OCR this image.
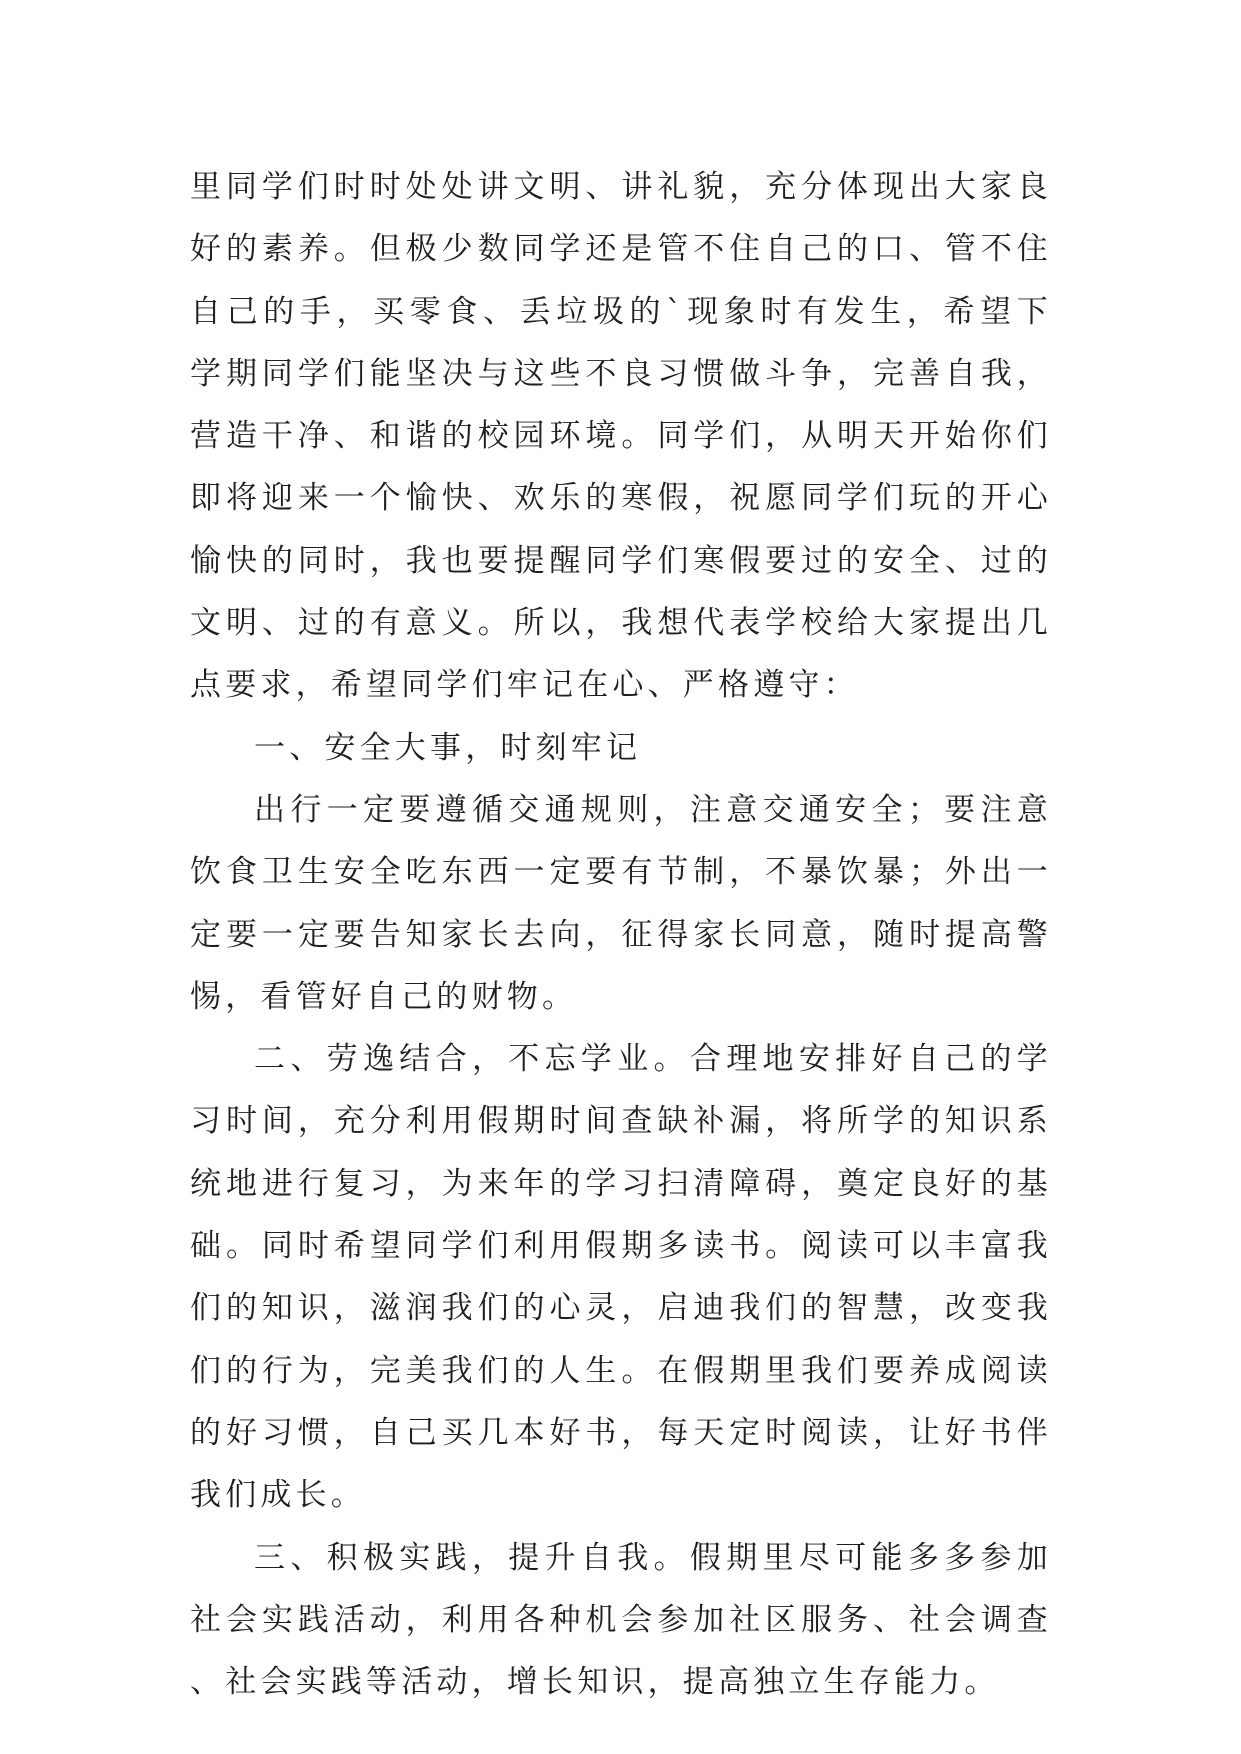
里同学们时时处处讲文明、讲礼貌，充分体现出大家良好的素养。但极少数同学还是管不住自己的口、管不住自己的手，买零食、丢垃圾的`现象时有发生，希望下学期同学们能坚决与这些不良习惯做斗争，完善自我，营造干净、和谐的校园环境。同学们，从明天开始你们即将迎来一个愉快、欢乐的寒假，祝愿同学们玩的开心愉快的同时，我也要提醒同学们寒假要过的安全、过的文明、过的有意义。所以，我想代表学校给大家提出几点要求，希望同学们牢记在心、严格遵守：

一、安全大事，时刻牢记

出行一定要遵循交通规则，注意交通安全；要注意饮食卫生安全吃东西一定要有节制，不暴饮暴；外出一定要一定要告知家长去向，征得家长同意，随时提高警惕，看管好自己的财物。

二、劳逸结合，不忘学业。合理地安排好自己的学习时间，充分利用假期时间查缺补漏，将所学的知识系统地进行复习，为来年的学习扫清障碍，奠定良好的基础。同时希望同学们利用假期多读书。阅读可以丰富我们的知识，滋润我们的心灵，启迪我们的智慧，改变我们的行为，完美我们的人生。在假期里我们要养成阅读的好习惯，自己买几本好书，每天定时阅读，让好书伴我们成长。

三、积极实践，提升自我。假期里尽可能多多参加社会实践活动，利用各种机会参加社区服务、社会调查、社会实践等活动，增长知识，提高独立生存能力。
